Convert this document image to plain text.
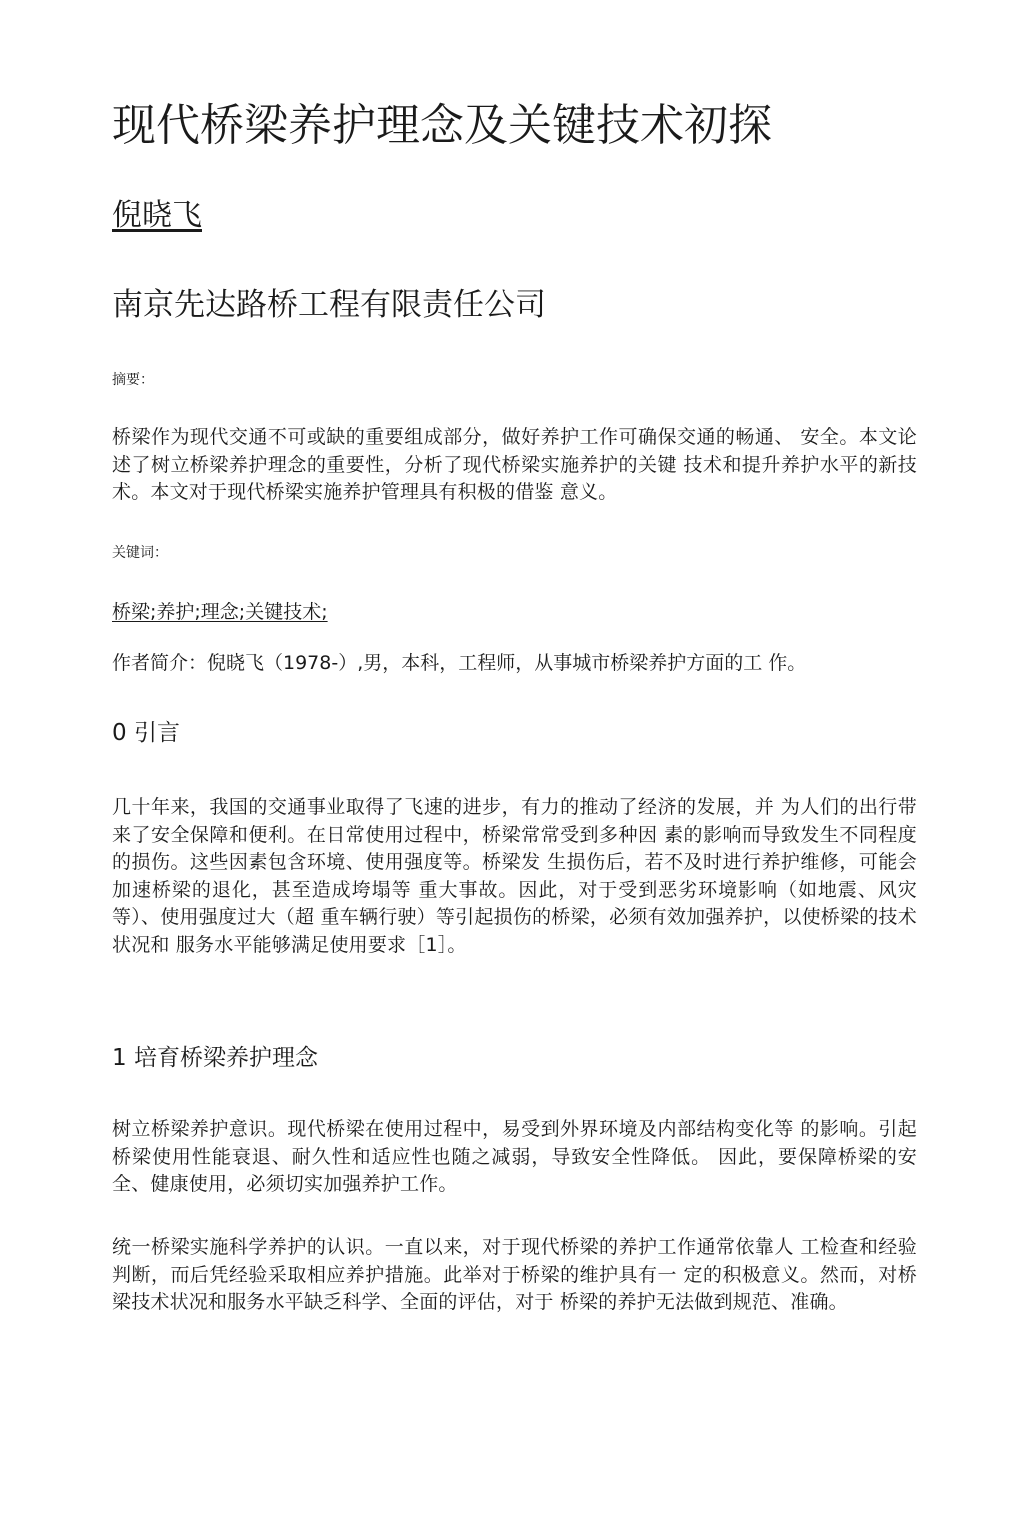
现代桥梁养护理念及关键技术初探

倪晓飞

南京先达路桥工程有限责任公司

摘要：

桥梁作为现代交通不可或缺的重要组成部分，做好养护工作可确保交通的畅通、 安全。本文论述了树立桥梁养护理念的重要性，分析了现代桥梁实施养护的关键 技术和提升养护水平的新技术。本文对于现代桥梁实施养护管理具有积极的借鉴 意义。

关键词：

桥梁;养护;理念;关键技术;

作者简介：倪晓飞（1978-）,男，本科，工程师，从事城市桥梁养护方面的工 作。

0 引言

几十年来，我国的交通事业取得了飞速的进步，有力的推动了经济的发展，并 为人们的出行带来了安全保障和便利。在日常使用过程中，桥梁常常受到多种因 素的影响而导致发生不同程度的损伤。这些因素包含环境、使用强度等。桥梁发 生损伤后，若不及时进行养护维修，可能会加速桥梁的退化，甚至造成垮塌等 重大事故。因此，对于受到恶劣环境影响（如地震、风灾等）、使用强度过大（超 重车辆行驶）等引起损伤的桥梁，必须有效加强养护，以使桥梁的技术状况和 服务水平能够满足使用要求［1］。

1 培育桥梁养护理念

树立桥梁养护意识。现代桥梁在使用过程中，易受到外界环境及内部结构变化等 的影响。引起桥梁使用性能衰退、耐久性和适应性也随之减弱，导致安全性降低。 因此，要保障桥梁的安全、健康使用，必须切实加强养护工作。

统一桥梁实施科学养护的认识。一直以来，对于现代桥梁的养护工作通常依靠人 工检查和经验判断，而后凭经验采取相应养护措施。此举对于桥梁的维护具有一 定的积极意义。然而，对桥梁技术状况和服务水平缺乏科学、全面的评估，对于 桥梁的养护无法做到规范、准确。
